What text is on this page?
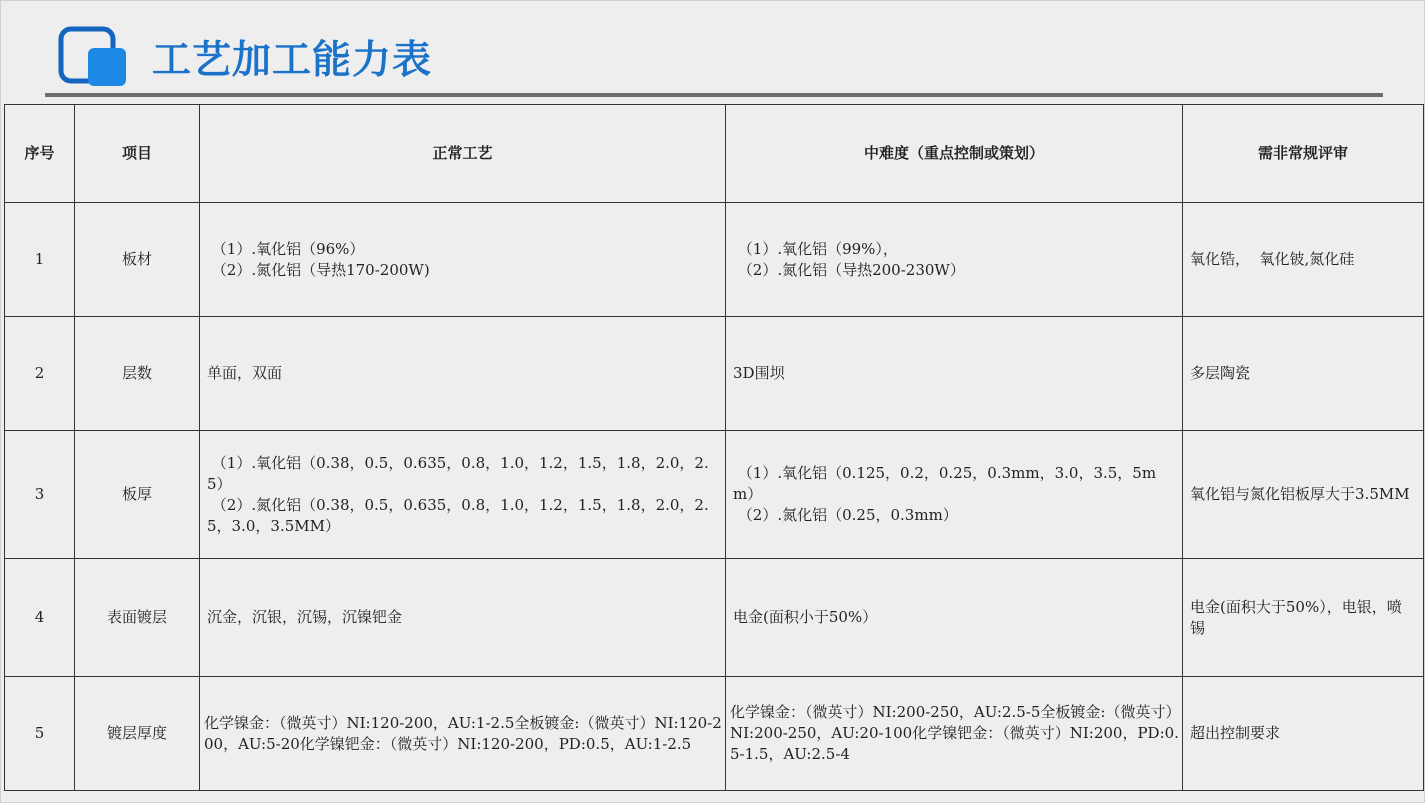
工艺加工能力表
序号	项目	正常工艺	中难度（重点控制或策划）	需非常规评审
1	板材	（1）.氧化铝（96%）
（2）.氮化铝（导热170-200W)	（1）.氧化铝（99%），
（2）.氮化铝（导热200-230W）	氧化锆，  氧化铍,氮化硅

2	层数	单面，双面	3D围坝	多层陶瓷

3	板厚	（1）.氧化铝（0.38，0.5，0.635，0.8，1.0，1.2，1.5，1.8，2.0，2.5）
（2）.氮化铝（0.38，0.5，0.635，0.8，1.0，1.2，1.5，1.8，2.0，2.5，3.0，3.5MM）	（1）.氧化铝（0.125，0.2，0.25，0.3mm，3.0，3.5，5mm）
（2）.氮化铝（0.25，0.3mm）	氧化铝与氮化铝板厚大于3.5MM

4	表面镀层	沉金，沉银，沉锡，沉镍钯金	电金(面积小于50%）	电金(面积大于50%），电银，喷锡

5	镀层厚度	化学镍金：（微英寸）NI:120-200，AU:1-2.5全板镀金:（微英寸）NI:120-200，AU:5-20化学镍钯金：（微英寸）NI:120-200，PD:0.5，AU:1-2.5	化学镍金：（微英寸）NI:200-250，AU:2.5-5全板镀金:（微英寸）NI:200-250，AU:20-100化学镍钯金：（微英寸）NI:200，PD:0.5-1.5，AU:2.5-4	超出控制要求
